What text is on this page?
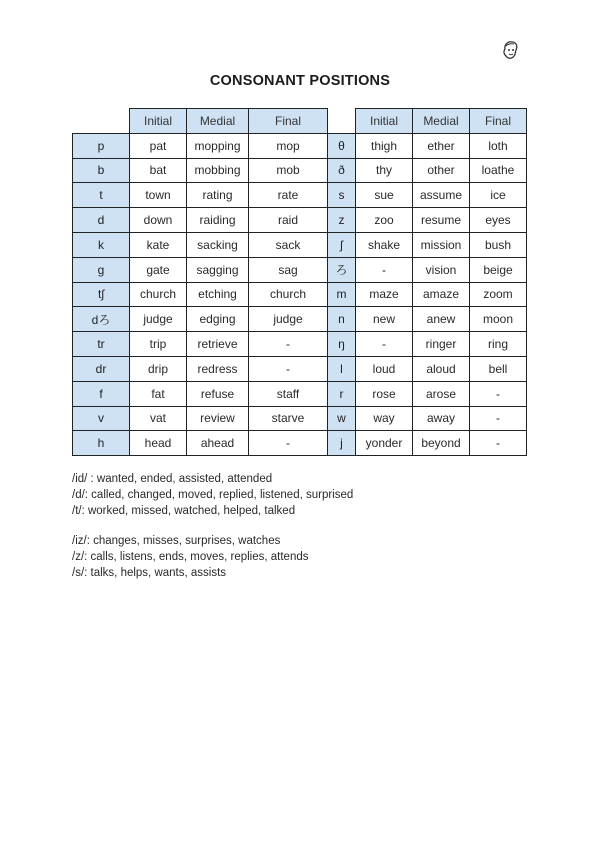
CONSONANT POSITIONS
	Initial	Medial	Final		Initial	Medial	Final
p	pat	mopping	mop	θ	thigh	ether	loth
b	bat	mobbing	mob	ð	thy	other	loathe
t	town	rating	rate	s	sue	assume	ice
d	down	raiding	raid	z	zoo	resume	eyes
k	kate	sacking	sack	ʃ	shake	mission	bush
g	gate	sagging	sag	ろ	-	vision	beige
tʃ	church	etching	church	m	maze	amaze	zoom
dろ	judge	edging	judge	n	new	anew	moon
tr	trip	retrieve	-	ŋ	-	ringer	ring
dr	drip	redress	-	l	loud	aloud	bell
f	fat	refuse	staff	r	rose	arose	-
v	vat	review	starve	w	way	away	-
h	head	ahead	-	j	yonder	beyond	-
/id/ : wanted, ended, assisted, attended
/d/: called, changed, moved, replied, listened, surprised
/t/: worked, missed, watched, helped, talked
/iz/: changes, misses, surprises, watches
/z/: calls, listens, ends, moves, replies, attends
/s/: talks, helps, wants, assists
